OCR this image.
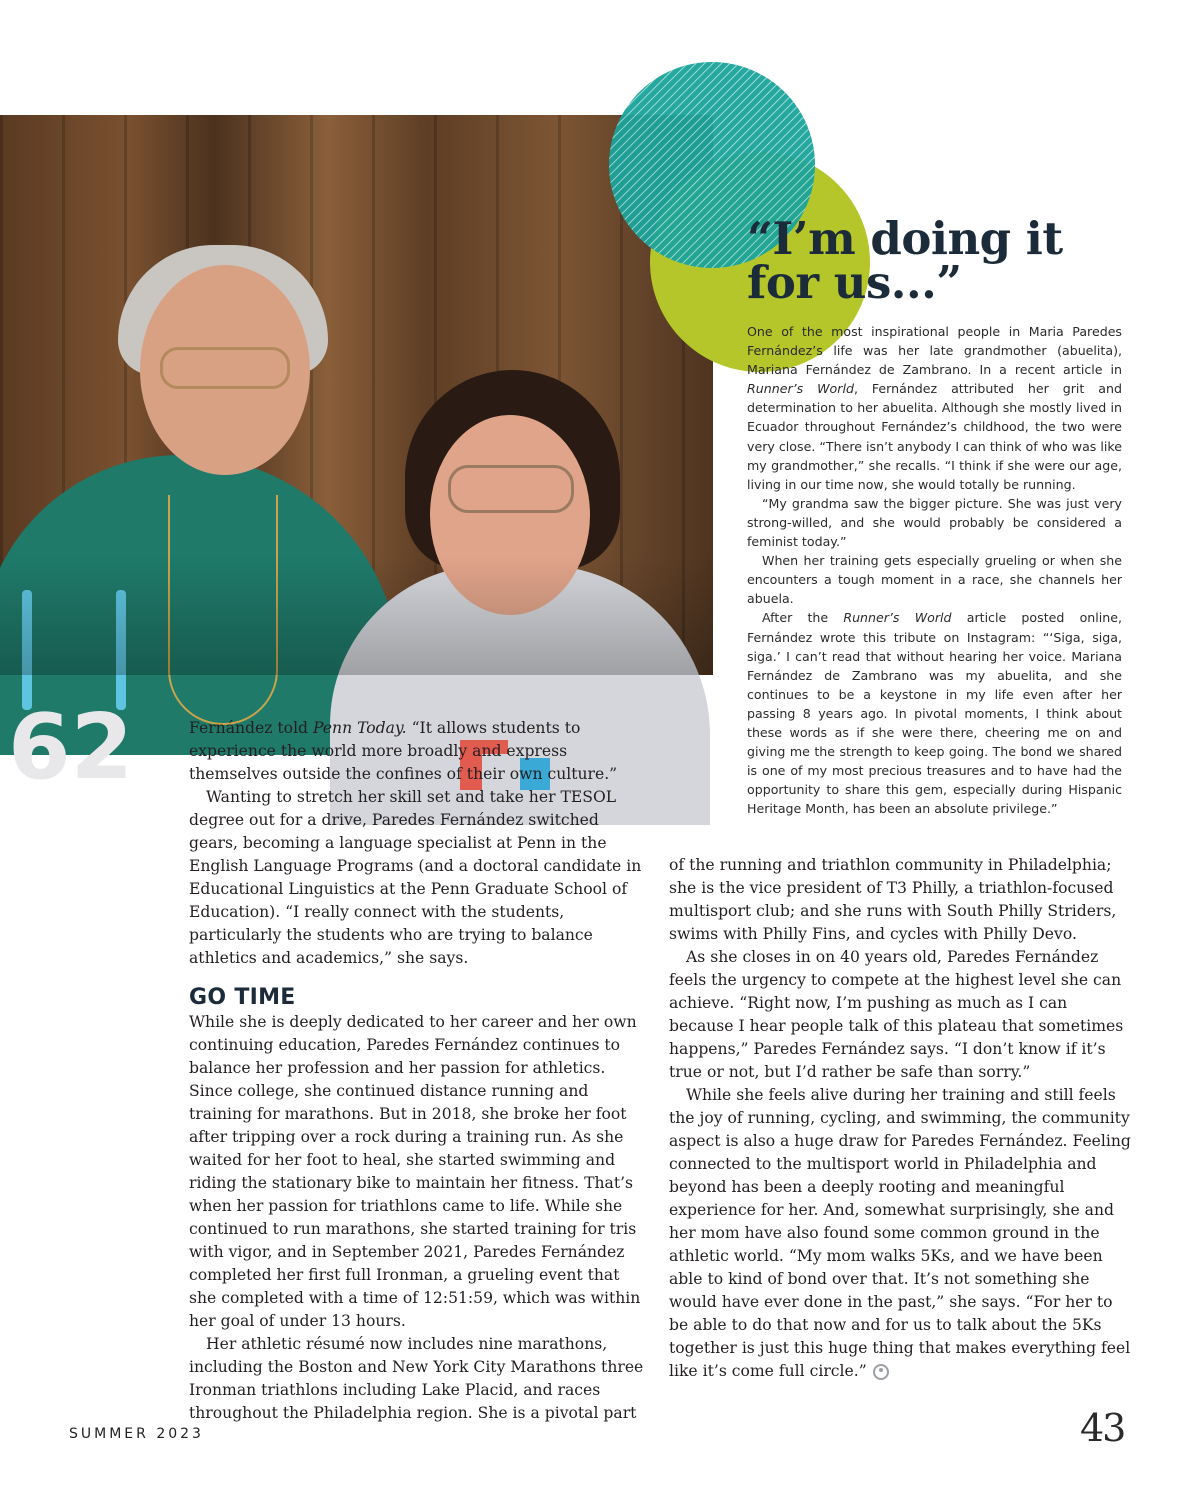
62
“I’m doing it
for us...”

One of the most inspirational people in Maria Paredes Fernández’s life was her late grandmother (abuelita), Mariana Fernández de Zambrano. In a recent article in Runner’s World, Fernández attributed her grit and determination to her abuelita. Although she mostly lived in Ecuador throughout Fernández’s childhood, the two were very close. “There isn’t anybody I can think of who was like my grandmother,” she recalls. “I think if she were our age, living in our time now, she would totally be running.

“My grandma saw the bigger picture. She was just very strong-willed, and she would probably be considered a feminist today.”

When her training gets especially grueling or when she encounters a tough moment in a race, she channels her abuela.

After the Runner’s World article posted online, Fernández wrote this tribute on Instagram: “‘Siga, siga, siga.’ I can’t read that without hearing her voice. Mariana Fernández de Zambrano was my abuelita, and she continues to be a keystone in my life even after her passing 8 years ago. In pivotal moments, I think about these words as if she were there, cheering me on and giving me the strength to keep going. The bond we shared is one of my most precious treasures and to have had the opportunity to share this gem, especially during Hispanic Heritage Month, has been an absolute privilege.”

Fernández told Penn Today. “It allows students to experience the world more broadly and express themselves outside the confines of their own culture.”

Wanting to stretch her skill set and take her TESOL degree out for a drive, Paredes Fernández switched gears, becoming a language specialist at Penn in the English Language Programs (and a doctoral candidate in Educational Linguistics at the Penn Graduate School of Education). “I really connect with the students, particularly the students who are trying to balance athletics and academics,” she says.

GO TIME

While she is deeply dedicated to her career and her own continuing education, Paredes Fernández continues to balance her profession and her passion for athletics. Since college, she continued distance running and training for marathons. But in 2018, she broke her foot after tripping over a rock during a training run. As she waited for her foot to heal, she started swimming and riding the stationary bike to maintain her fitness. That’s when her passion for triathlons came to life. While she continued to run marathons, she started training for tris with vigor, and in September 2021, Paredes Fernández completed her first full Ironman, a grueling event that she completed with a time of 12:51:59, which was within her goal of under 13 hours.

Her athletic résumé now includes nine marathons, including the Boston and New York City Marathons three Ironman triathlons including Lake Placid, and races throughout the Philadelphia region. She is a pivotal part

of the running and triathlon community in Philadelphia; she is the vice president of T3 Philly, a triathlon-focused multisport club; and she runs with South Philly Striders, swims with Philly Fins, and cycles with Philly Devo.

As she closes in on 40 years old, Paredes Fernández feels the urgency to compete at the highest level she can achieve. “Right now, I’m pushing as much as I can because I hear people talk of this plateau that sometimes happens,” Paredes Fernández says. “I don’t know if it’s true or not, but I’d rather be safe than sorry.”

While she feels alive during her training and still feels the joy of running, cycling, and swimming, the community aspect is also a huge draw for Paredes Fernández. Feeling connected to the multisport world in Philadelphia and beyond has been a deeply rooting and meaningful experience for her. And, somewhat surprisingly, she and her mom have also found some common ground in the athletic world. “My mom walks 5Ks, and we have been able to kind of bond over that. It’s not something she would have ever done in the past,” she says. “For her to be able to do that now and for us to talk about the 5Ks together is just this huge thing that makes everything feel like it’s come full circle.”

SUMMER 2023	43
